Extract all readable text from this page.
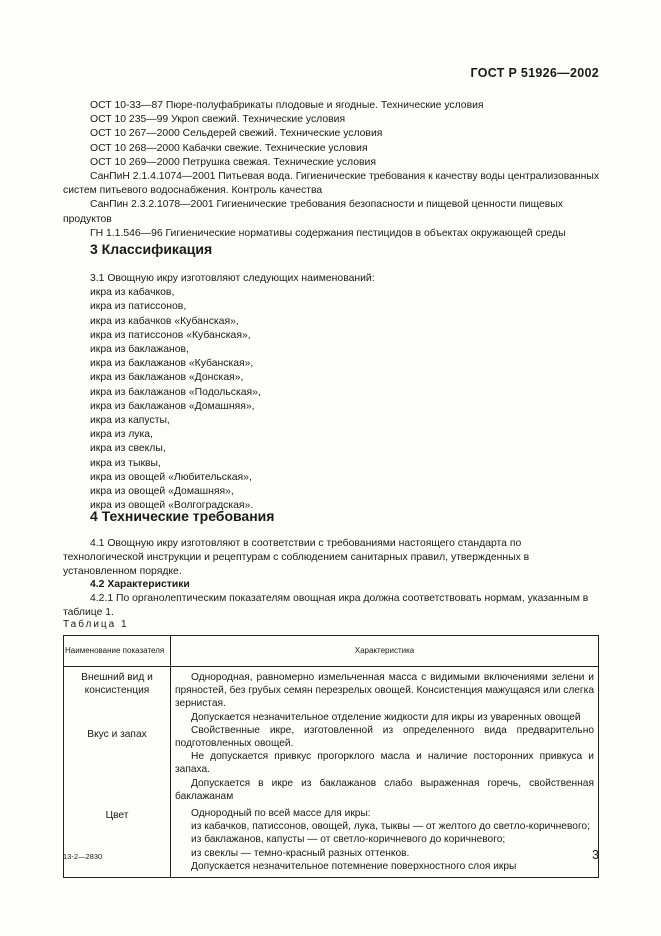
ГОСТ Р 51926—2002
ОСТ 10-33—87 Пюре-полуфабрикаты плодовые и ягодные. Технические условия
ОСТ 10 235—99 Укроп свежий. Технические условия
ОСТ 10 267—2000 Сельдерей свежий. Технические условия
ОСТ 10 268—2000 Кабачки свежие. Технические условия
ОСТ 10 269—2000 Петрушка свежая. Технические условия
СанПиН 2.1.4.1074—2001 Питьевая вода. Гигиенические требования к качеству воды централизованных систем питьевого водоснабжения. Контроль качества
СанПин 2.3.2.1078—2001 Гигиенические требования безопасности и пищевой ценности пищевых продуктов
ГН 1.1.546—96 Гигиенические нормативы содержания пестицидов в объектах окружающей среды
3 Классификация
3.1 Овощную икру изготовляют следующих наименований:
икра из кабачков,
икра из патиссонов,
икра из кабачков «Кубанская»,
икра из патиссонов «Кубанская»,
икра из баклажанов,
икра из баклажанов «Кубанская»,
икра из баклажанов «Донская»,
икра из баклажанов «Подольская»,
икра из баклажанов «Домашняя»,
икра из капусты,
икра из лука,
икра из свеклы,
икра из тыквы,
икра из овощей «Любительская»,
икра из овощей «Домашняя»,
икра из овощей «Волгоградская».
4 Технические требования

4.1 Овощную икру изготовляют в соответствии с требованиями настоящего стандарта по технологической инструкции и рецептурам с соблюдением санитарных правил, утвержденных в установленном порядке.

4.2 Характеристики

4.2.1 По органолептическим показателям овощная икра должна соответствовать нормам, указанным в таблице 1.

Таблица 1
Наименование показателя	Характеристика

Внешний вид и консистенция	Однородная, равномерно измельченная масса с видимыми включениями зелени и пряностей, без грубых семян перезрелых овощей. Консистенция мажущаяся или слегка зернистая.

Допускается незначительное отделение жидкости для икры из уваренных овощей

Вкус и запах	Свойственные икре, изготовленной из определенного вида предварительно подготовленных овощей.

Не допускается привкус прогорклого масла и наличие посторонних привкуса и запаха.

Допускается в икре из баклажанов слабо выраженная горечь, свойственная баклажанам

Цвет	Однородный по всей массе для икры:

из кабачков, патиссонов, овощей, лука, тыквы — от желтого до светло-коричневого;

из баклажанов, капусты — от светло-коричневого до коричневого;

из свеклы — темно-красный разных оттенков.

Допускается незначительное потемнение поверхностного слоя икры

13-2—2830	3
